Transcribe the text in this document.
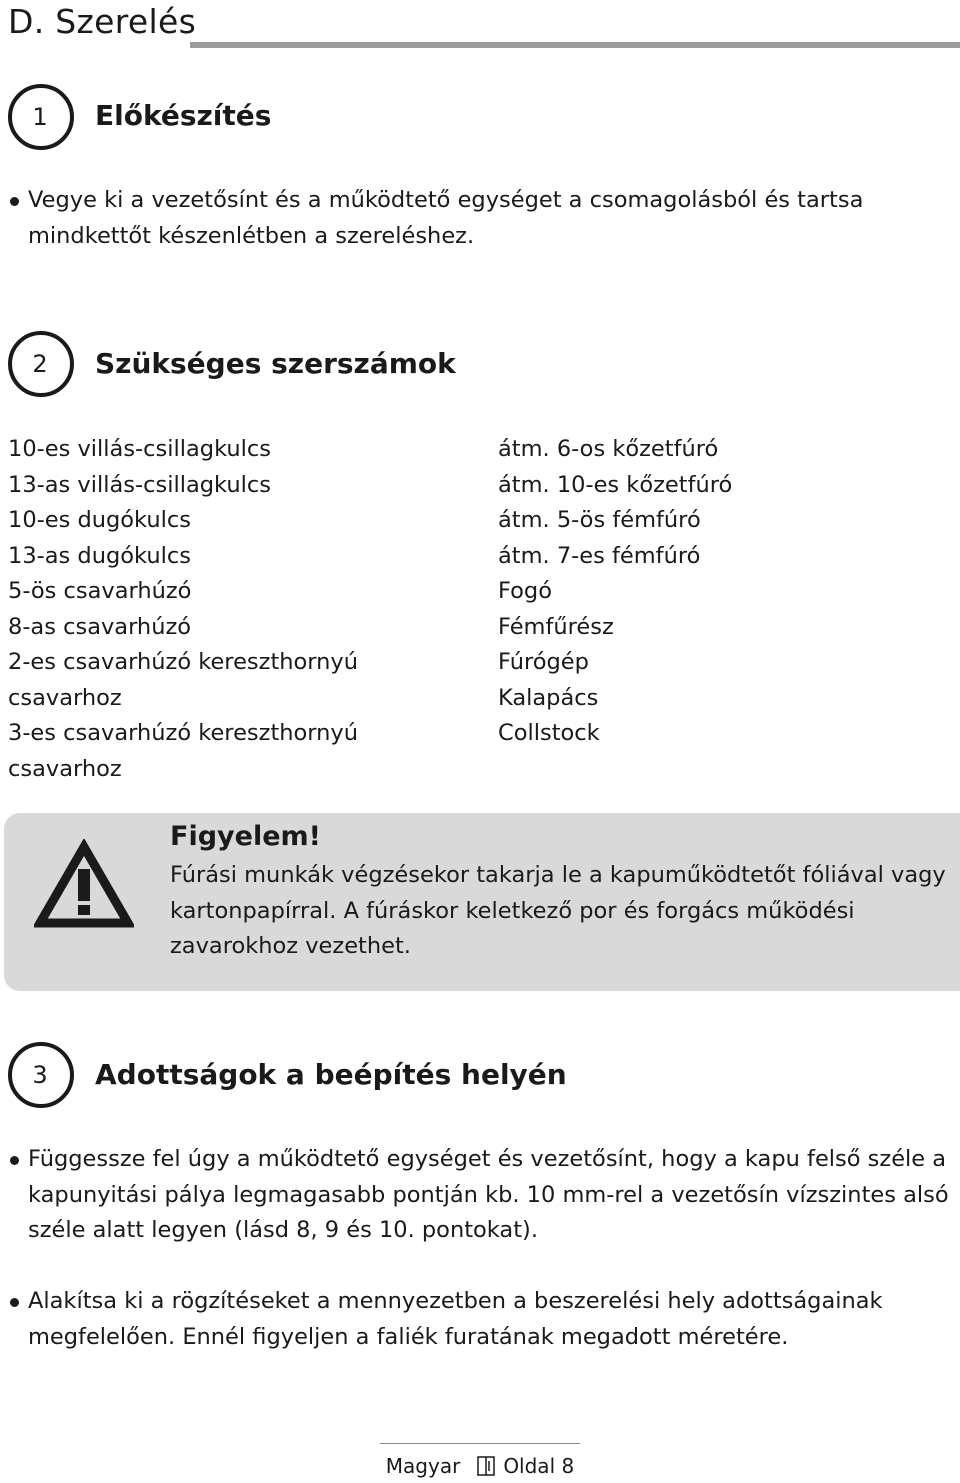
D. Szerelés
1 Előkészítés
Vegye ki a vezetősínt és a működtető egységet a csomagolásból és tartsa mindkettőt készenlétben a szereléshez.
2 Szükséges szerszámok
10-es villás-csillagkulcs
13-as villás-csillagkulcs
10-es dugókulcs
13-as dugókulcs
5-ös csavarhúzó
8-as csavarhúzó
2-es csavarhúzó kereszthornyú
csavarhoz
3-es csavarhúzó kereszthornyú
csavarhoz
átm. 6-os kőzetfúró
átm. 10-es kőzetfúró
átm. 5-ös fémfúró
átm. 7-es fémfúró
Fogó
Fémfűrész
Fúrógép
Kalapács
Collstock
Figyelem!
Fúrási munkák végzésekor takarja le a kapuműködtetőt fóliával vagy kartonpapírral. A fúráskor keletkező por és forgács működési zavarokhoz vezethet.
3 Adottságok a beépítés helyén
Függessze fel úgy a működtető egységet és vezetősínt, hogy a kapu felső széle a kapunyitási pálya legmagasabb pontján kb. 10 mm-rel a vezetősín vízszintes alsó széle alatt legyen (lásd 8, 9 és 10. pontokat).
Alakítsa ki a rögzítéseket a mennyezetben a beszerelési hely adottságainak megfelelően. Ennél figyeljen a faliék furatának megadott méretére.
Magyar Oldal 8
